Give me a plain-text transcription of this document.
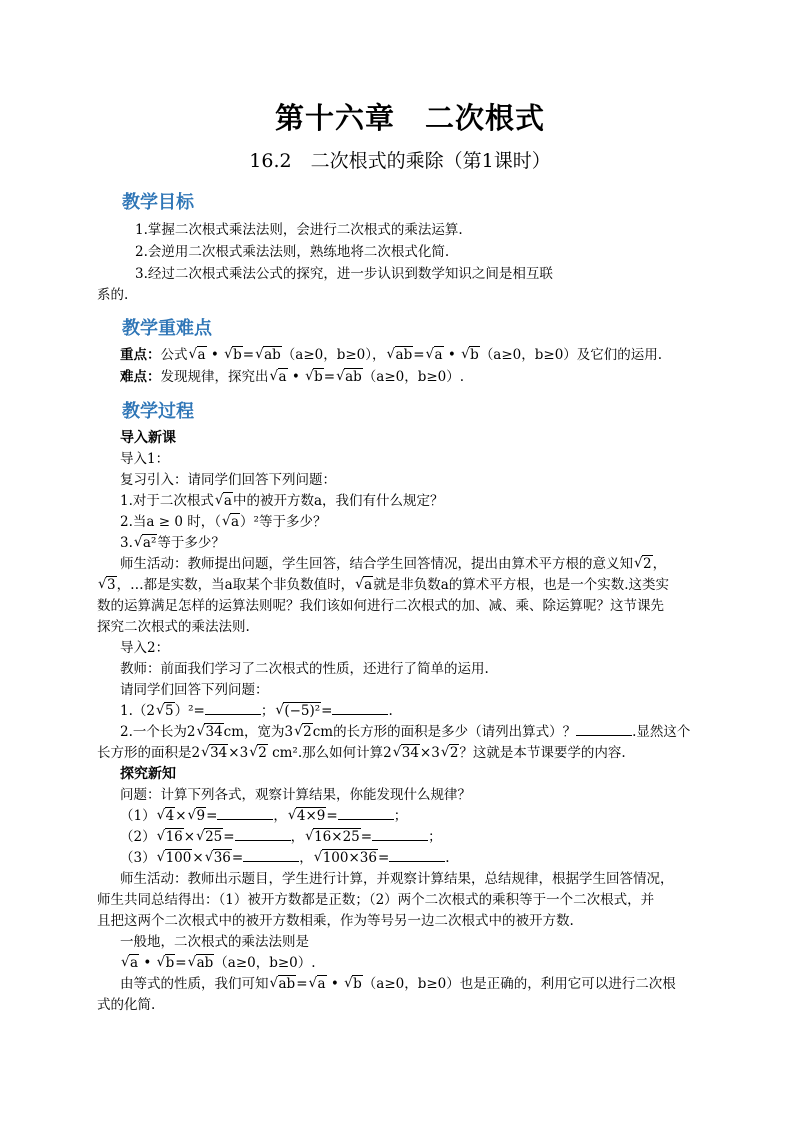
第十六章　二次根式
16.2　二次根式的乘除（第1课时）
教学目标
1.掌握二次根式乘法法则，会进行二次根式的乘法运算.
2.会逆用二次根式乘法法则，熟练地将二次根式化简.
3.经过二次根式乘法公式的探究，进一步认识到数学知识之间是相互联
系的.
教学重难点
重点：公式 √ a • √ b= √ ab（a≥0，b≥0）， √ ab= √ a • √ b（a≥0，b≥0）及它们的运用.
难点：发现规律，探究出 √ a • √ b= √ ab（a≥0，b≥0）.
教学过程
导入新课
导入1：
复习引入：请同学们回答下列问题：
1.对于二次根式 √ a中的被开方数a，我们有什么规定？
2.当a ≥ 0 时，（ √ a）²等于多少？
3. √ a²等于多少？
师生活动：教师提出问题，学生回答，结合学生回答情况，提出由算术平方根的意义知 √ 2，
√ 3，…都是实数，当a取某个非负数值时， √ a就是非负数a的算术平方根，也是一个实数.这类实
数的运算满足怎样的运算法则呢？我们该如何进行二次根式的加、减、乘、除运算呢？这节课先
探究二次根式的乘法法则.
导入2：
教师：前面我们学习了二次根式的性质，还进行了简单的运用.
请同学们回答下列问题：
1.（2 √ 5）²=	； √ (−5)²=	.
2.一个长为2 √ 34cm，宽为3 √ 2cm的长方形的面积是多少（请列出算式）？	.显然这个
长方形的面积是2 √ 34×3 √ 2 cm².那么如何计算2 √ 34×3 √ 2？这就是本节课要学的内容.
探究新知
问题：计算下列各式，观察计算结果，你能发现什么规律？
（1） √ 4× √ 9=	， √ 4×9=	；
（2） √ 16× √ 25=	， √ 16×25=	；
（3） √ 100× √ 36=	， √ 100×36=	.
师生活动：教师出示题目，学生进行计算，并观察计算结果，总结规律，根据学生回答情况，
师生共同总结得出：（1）被开方数都是正数；（2）两个二次根式的乘积等于一个二次根式，并
且把这两个二次根式中的被开方数相乘，作为等号另一边二次根式中的被开方数.
一般地，二次根式的乘法法则是
√ a • √ b= √ ab（a≥0，b≥0）.
由等式的性质，我们可知 √ ab= √ a • √ b（a≥0，b≥0）也是正确的，利用它可以进行二次根
式的化简.
